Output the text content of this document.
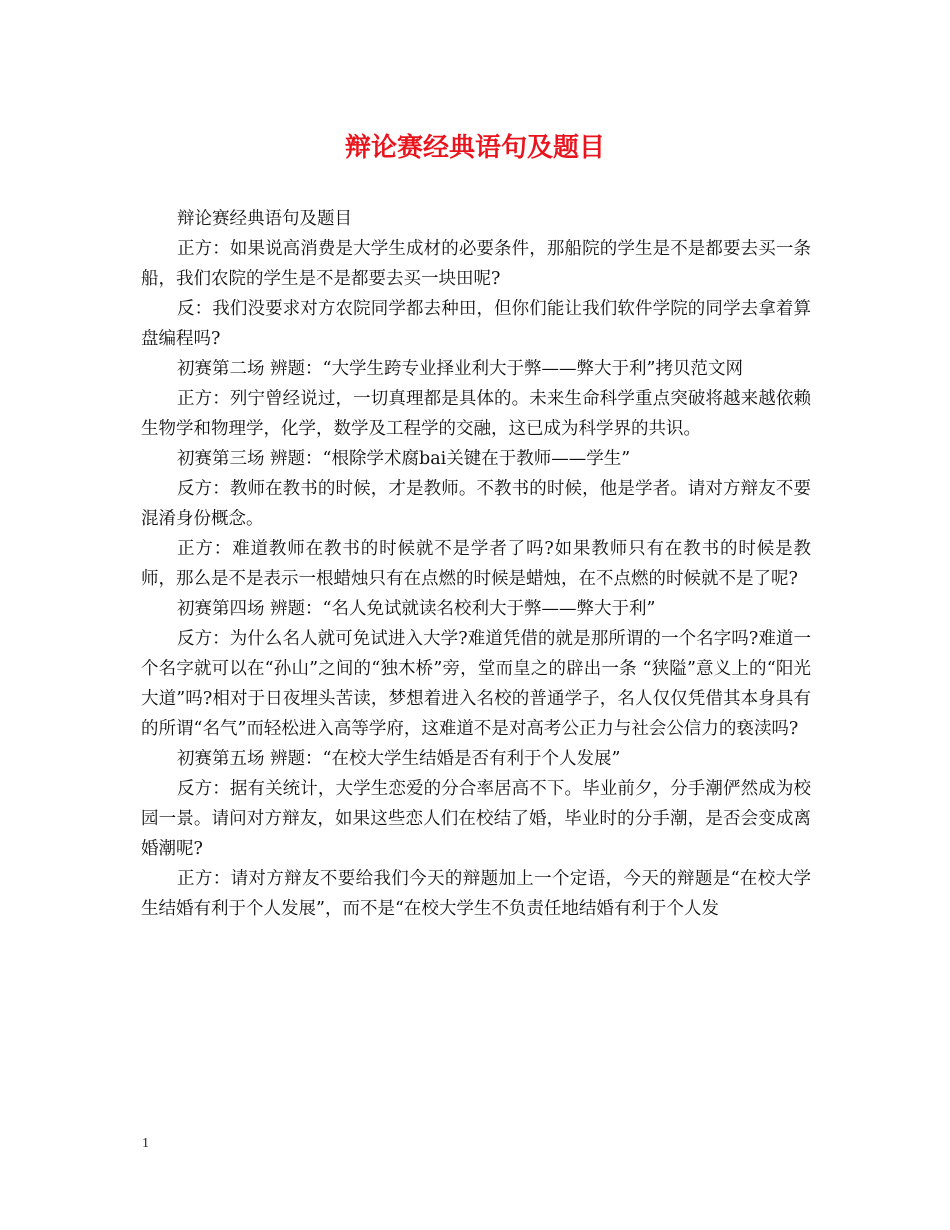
辩论赛经典语句及题目

辩论赛经典语句及题目

正方：如果说高消费是大学生成材的必要条件，那船院的学生是不是都要去买一条船，我们农院的学生是不是都要去买一块田呢?

反：我们没要求对方农院同学都去种田，但你们能让我们软件学院的同学去拿着算盘编程吗?

初赛第二场 辨题：“大学生跨专业择业利大于弊——弊大于利”拷贝范文网

正方：列宁曾经说过，一切真理都是具体的。未来生命科学重点突破将越来越依赖生物学和物理学，化学，数学及工程学的交融，这已成为科学界的共识。

初赛第三场 辨题：“根除学术腐bai关键在于教师——学生”

反方：教师在教书的时候，才是教师。不教书的时候，他是学者。请对方辩友不要混淆身份概念。

正方：难道教师在教书的时候就不是学者了吗?如果教师只有在教书的时候是教师，那么是不是表示一根蜡烛只有在点燃的时候是蜡烛，在不点燃的时候就不是了呢?

初赛第四场 辨题：“名人免试就读名校利大于弊——弊大于利”

反方：为什么名人就可免试进入大学?难道凭借的就是那所谓的一个名字吗?难道一个名字就可以在“孙山”之间的“独木桥”旁，堂而皇之的辟出一条 “狭隘”意义上的“阳光大道”吗?相对于日夜埋头苦读，梦想着进入名校的普通学子，名人仅仅凭借其本身具有的所谓“名气”而轻松进入高等学府，这难道不是对高考公正力与社会公信力的亵渎吗?

初赛第五场 辨题：“在校大学生结婚是否有利于个人发展”

反方：据有关统计，大学生恋爱的分合率居高不下。毕业前夕，分手潮俨然成为校园一景。请问对方辩友，如果这些恋人们在校结了婚，毕业时的分手潮，是否会变成离婚潮呢?

正方：请对方辩友不要给我们今天的辩题加上一个定语，今天的辩题是“在校大学生结婚有利于个人发展”，而不是“在校大学生不负责任地结婚有利于个人发

1
